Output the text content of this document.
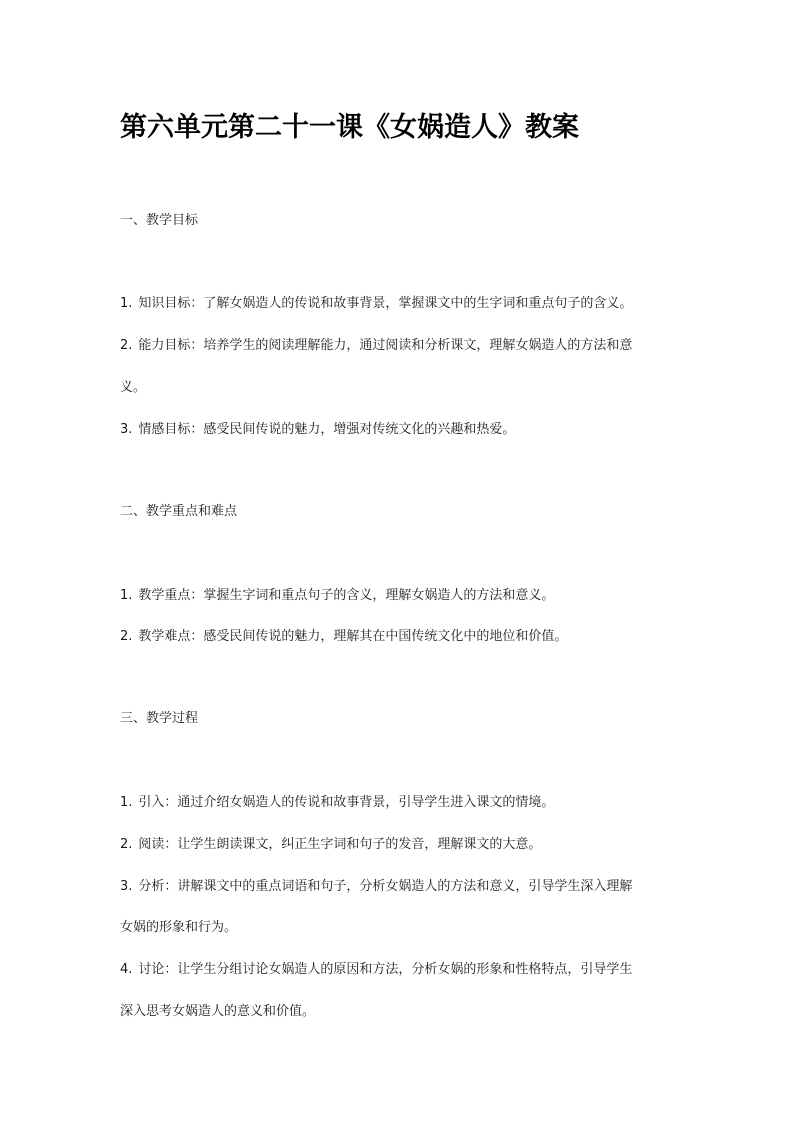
第六单元第二十一课《女娲造人》教案
一、教学目标
1. 知识目标：了解女娲造人的传说和故事背景，掌握课文中的生字词和重点句子的含义。
2. 能力目标：培养学生的阅读理解能力，通过阅读和分析课文，理解女娲造人的方法和意
义。
3. 情感目标：感受民间传说的魅力，增强对传统文化的兴趣和热爱。
二、教学重点和难点
1. 教学重点：掌握生字词和重点句子的含义，理解女娲造人的方法和意义。
2. 教学难点：感受民间传说的魅力，理解其在中国传统文化中的地位和价值。
三、教学过程
1. 引入：通过介绍女娲造人的传说和故事背景，引导学生进入课文的情境。
2. 阅读：让学生朗读课文，纠正生字词和句子的发音，理解课文的大意。
3. 分析：讲解课文中的重点词语和句子，分析女娲造人的方法和意义，引导学生深入理解
女娲的形象和行为。
4. 讨论：让学生分组讨论女娲造人的原因和方法，分析女娲的形象和性格特点，引导学生
深入思考女娲造人的意义和价值。
